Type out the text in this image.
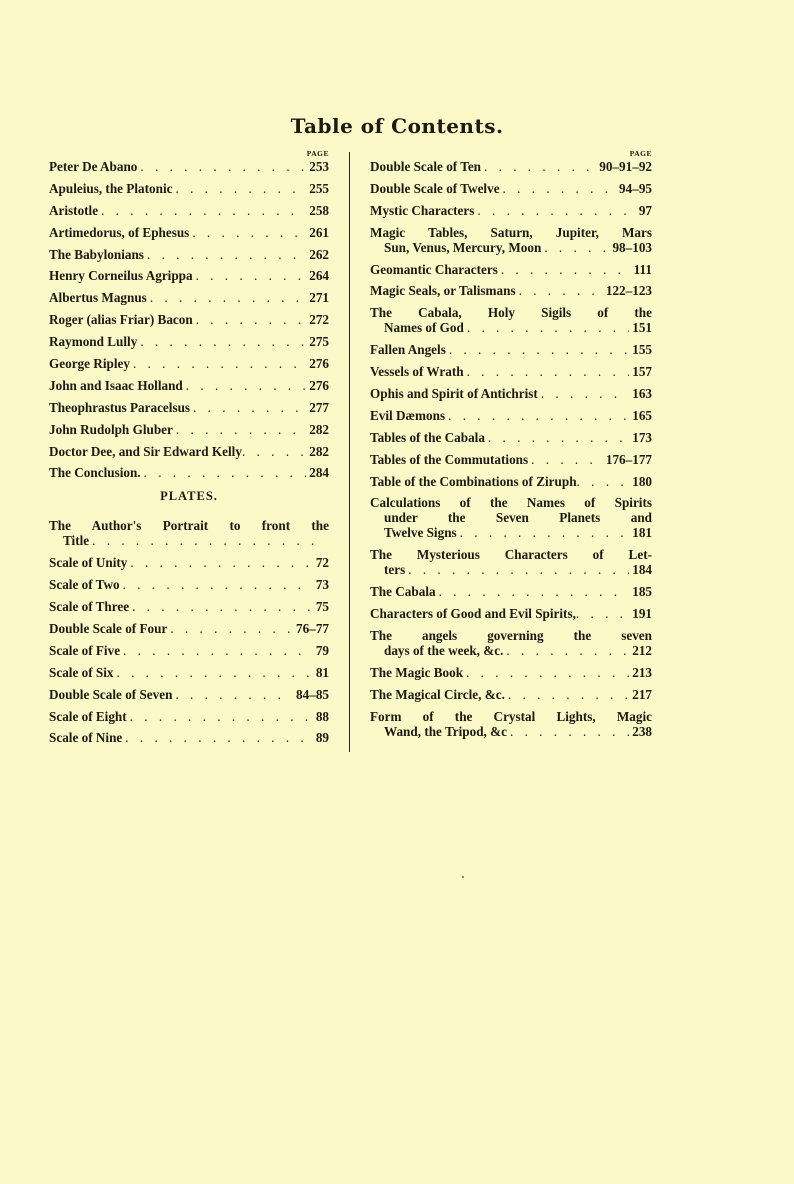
Table of Contents.
PAGE
Peter De Abano . . .	253
Apuleius, the Platonic . . .	255
Aristotle . . .	258
Artimedorus, of Ephesus . . .	261
The Babylonians . . .	262
Henry Corneilus Agrippa . . .	264
Albertus Magnus . . .	271
Roger (alias Friar) Bacon . . .	272
Raymond Lully . . .	275
George Ripley . . .	276
John and Isaac Holland . . .	276
Theophrastus Paracelsus . . .	277
John Rudolph Gluber . . .	282
Doctor Dee, and Sir Edward Kelly . . .	282
The Conclusion. . . .	284
PLATES.
The Author's Portrait to front the
Title
. . .
Scale of Unity . . .	72
Scale of Two . . .	73
Scale of Three . . .	75
Double Scale of Four . . .	76–77
Scale of Five . . .	79
Scale of Six . . .	81
Double Scale of Seven . . .	84–85
Scale of Eight . . .	88
Scale of Nine . . .	89
PAGE
Double Scale of Ten . . .	90–91–92
Double Scale of Twelve . . .	94–95
Mystic Characters . . .	97
Magic Tables, Saturn, Jupiter, Mars
Sun, Venus, Mercury, Moon . . .	98–103
Geomantic Characters . . .	111
Magic Seals, or Talismans . . .	122–123
The Cabala, Holy Sigils of the
Names of God . . .	151
Fallen Angels . . .	155
Vessels of Wrath . . .	157
Ophis and Spirit of Antichrist . . .	163
Evil Dæmons . . .	165
Tables of the Cabala . . .	173
Tables of the Commutations . . .	176–177
Table of the Combinations of Ziruph . . .	180
Calculations of the Names of Spirits
under the Seven Planets and
Twelve Signs . . .	181
The Mysterious Characters of Let-
ters . . .	184
The Cabala . . .	185
Characters of Good and Evil Spirits, . . .	191
The angels governing the seven
days of the week, &c. . . .	212
The Magic Book . . .	213
The Magical Circle, &c. . . .	217
Form of the Crystal Lights, Magic
Wand, the Tripod, &c . . .	238
